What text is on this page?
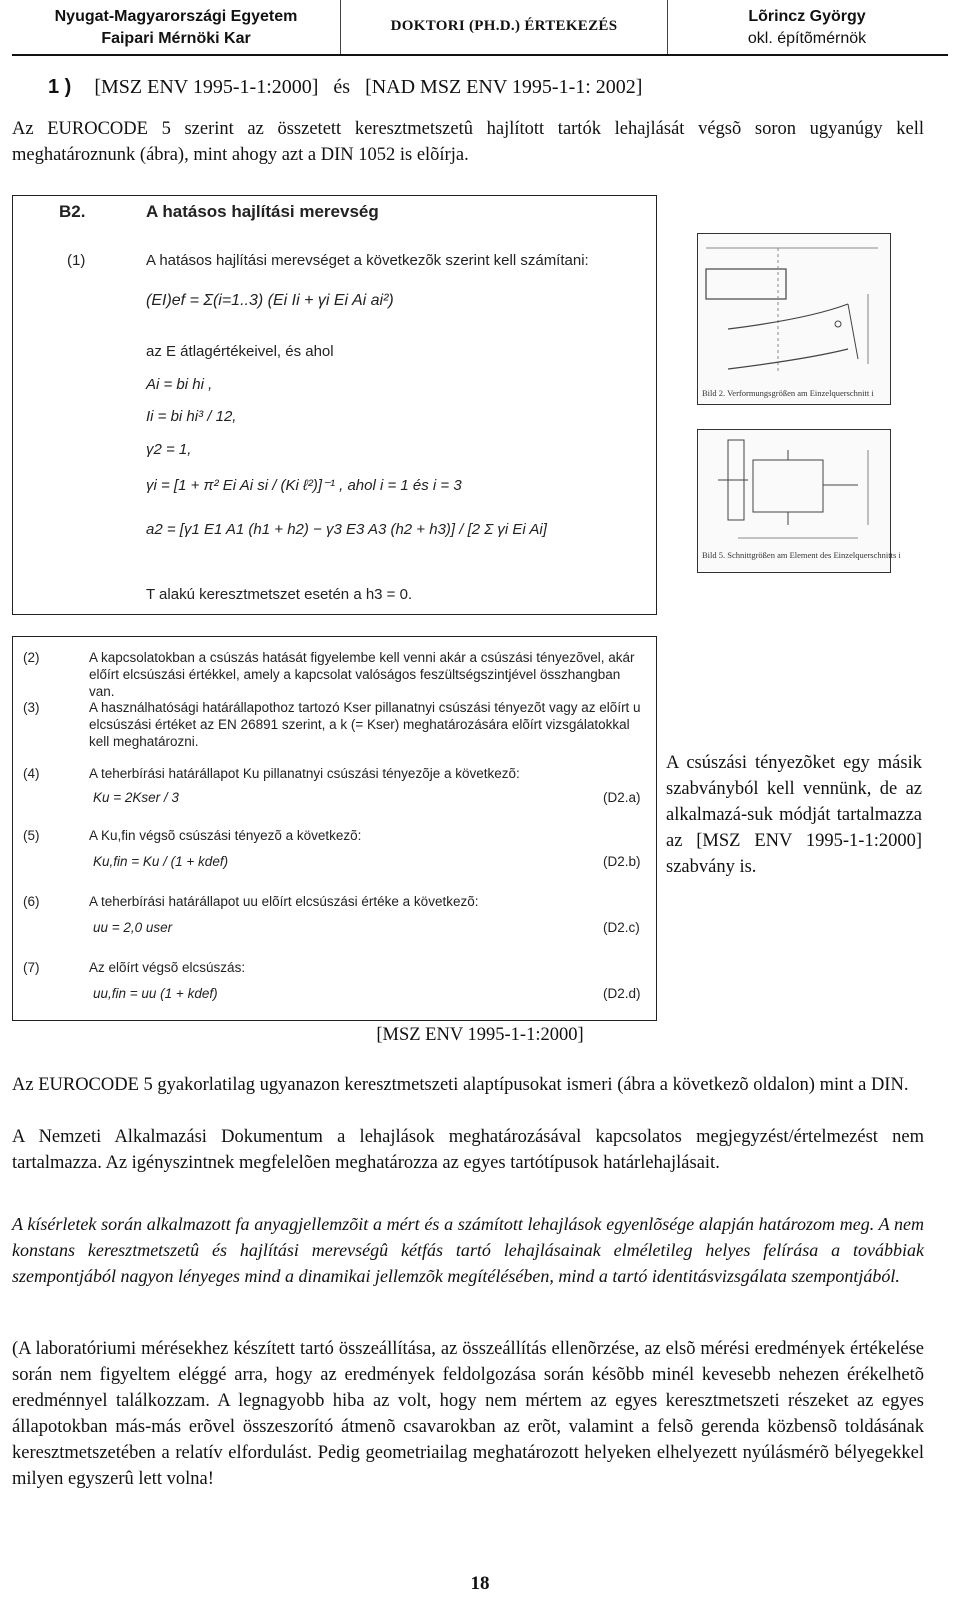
Nyugat-Magyarországi Egyetem
Faipari Mérnöki Kar
DOKTORI (PH.D.) ÉRTEKEZÉS
Lõrincz György
okl. építõmérnök
1 ) [MSZ ENV 1995-1-1:2000]   és   [NAD MSZ ENV 1995-1-1: 2002]
Az EUROCODE 5 szerint az összetett keresztmetszetû hajlított tartók lehajlását végsõ soron ugyanúgy kell meghatároznunk (ábra), mint ahogy azt a DIN 1052 is elõírja.
B2.	A hatásos hajlítási merevség
(1)	A hatásos hajlítási merevséget a következõk szerint kell számítani:
(EI)ef = Σ(i=1..3) (Ei Ii + γi Ei Ai ai²)
az E átlagértékeivel, és ahol
Ai = bi hi ,
Ii = bi hi³ / 12,
γ2 = 1,
γi = [1 + π² Ei Ai si / (Ki ℓ²)]⁻¹ , ahol i = 1 és i = 3
a2 = [γ1 E1 A1 (h1 + h2) − γ3 E3 A3 (h2 + h3)] / [2 Σ γi Ei Ai]
T alakú keresztmetszet esetén a h3 = 0.
Bild 2. Verformungsgrößen am Einzelquerschnitt i
Bild 5. Schnittgrößen am Element des Einzelquerschnitts i
(2)	A kapcsolatokban a csúszás hatását figyelembe kell venni akár a csúszási tényezõvel, akár előírt elcsúszási értékkel, amely a kapcsolat valóságos feszültségszintjével összhangban van.
(3)	A használhatósági határállapothoz tartozó Kser pillanatnyi csúszási tényezõt vagy az elõírt u elcsúszási értéket az EN 26891 szerint, a k (= Kser) meghatározására elõírt vizsgálatokkal kell meghatározni.
(4)	A teherbírási határállapot Ku pillanatnyi csúszási tényezõje a következõ:
Ku = 2Kser / 3	(D2.a)
(5)	A Ku,fin végsõ csúszási tényezõ a következõ:
Ku,fin = Ku / (1 + kdef)	(D2.b)
(6)	A teherbírási határállapot uu elõírt elcsúszási értéke a következõ:
uu = 2,0 user	(D2.c)
(7)	Az elõírt végsõ elcsúszás:
uu,fin = uu (1 + kdef)	(D2.d)
A csúszási tényezõket egy másik szabványból kell vennünk, de az alkalmazá-suk módját tartalmazza az [MSZ ENV 1995-1-1:2000] szabvány is.
[MSZ ENV 1995-1-1:2000]
Az EUROCODE 5 gyakorlatilag ugyanazon keresztmetszeti alaptípusokat ismeri (ábra a következõ oldalon) mint a DIN.
A Nemzeti Alkalmazási Dokumentum a lehajlások meghatározásával kapcsolatos megjegyzést/értelmezést nem tartalmazza. Az igényszintnek megfelelõen meghatározza az egyes tartótípusok határlehajlásait.
A kísérletek során alkalmazott fa anyagjellemzõit a mért és a számított lehajlások egyenlõsége alapján határozom meg. A nem konstans keresztmetszetû és hajlítási merevségû kétfás tartó lehajlásainak elméletileg helyes felírása a továbbiak szempontjából nagyon lényeges mind a dinamikai jellemzõk megítélésében, mind a tartó identitásvizsgálata szempontjából.
(A laboratóriumi mérésekhez készített tartó összeállítása, az összeállítás ellenõrzése, az elsõ mérési eredmények értékelése során nem figyeltem eléggé arra, hogy az eredmények feldolgozása során késõbb minél kevesebb nehezen érékelhetõ eredménnyel találkozzam. A legnagyobb hiba az volt, hogy nem mértem az egyes keresztmetszeti részeket az egyes állapotokban más-más erõvel összeszorító átmenõ csavarokban az erõt, valamint a felsõ gerenda közbensõ toldásának keresztmetszetében a relatív elfordulást. Pedig geometriailag meghatározott helyeken elhelyezett nyúlásmérõ bélyegekkel milyen egyszerû lett volna!
18
